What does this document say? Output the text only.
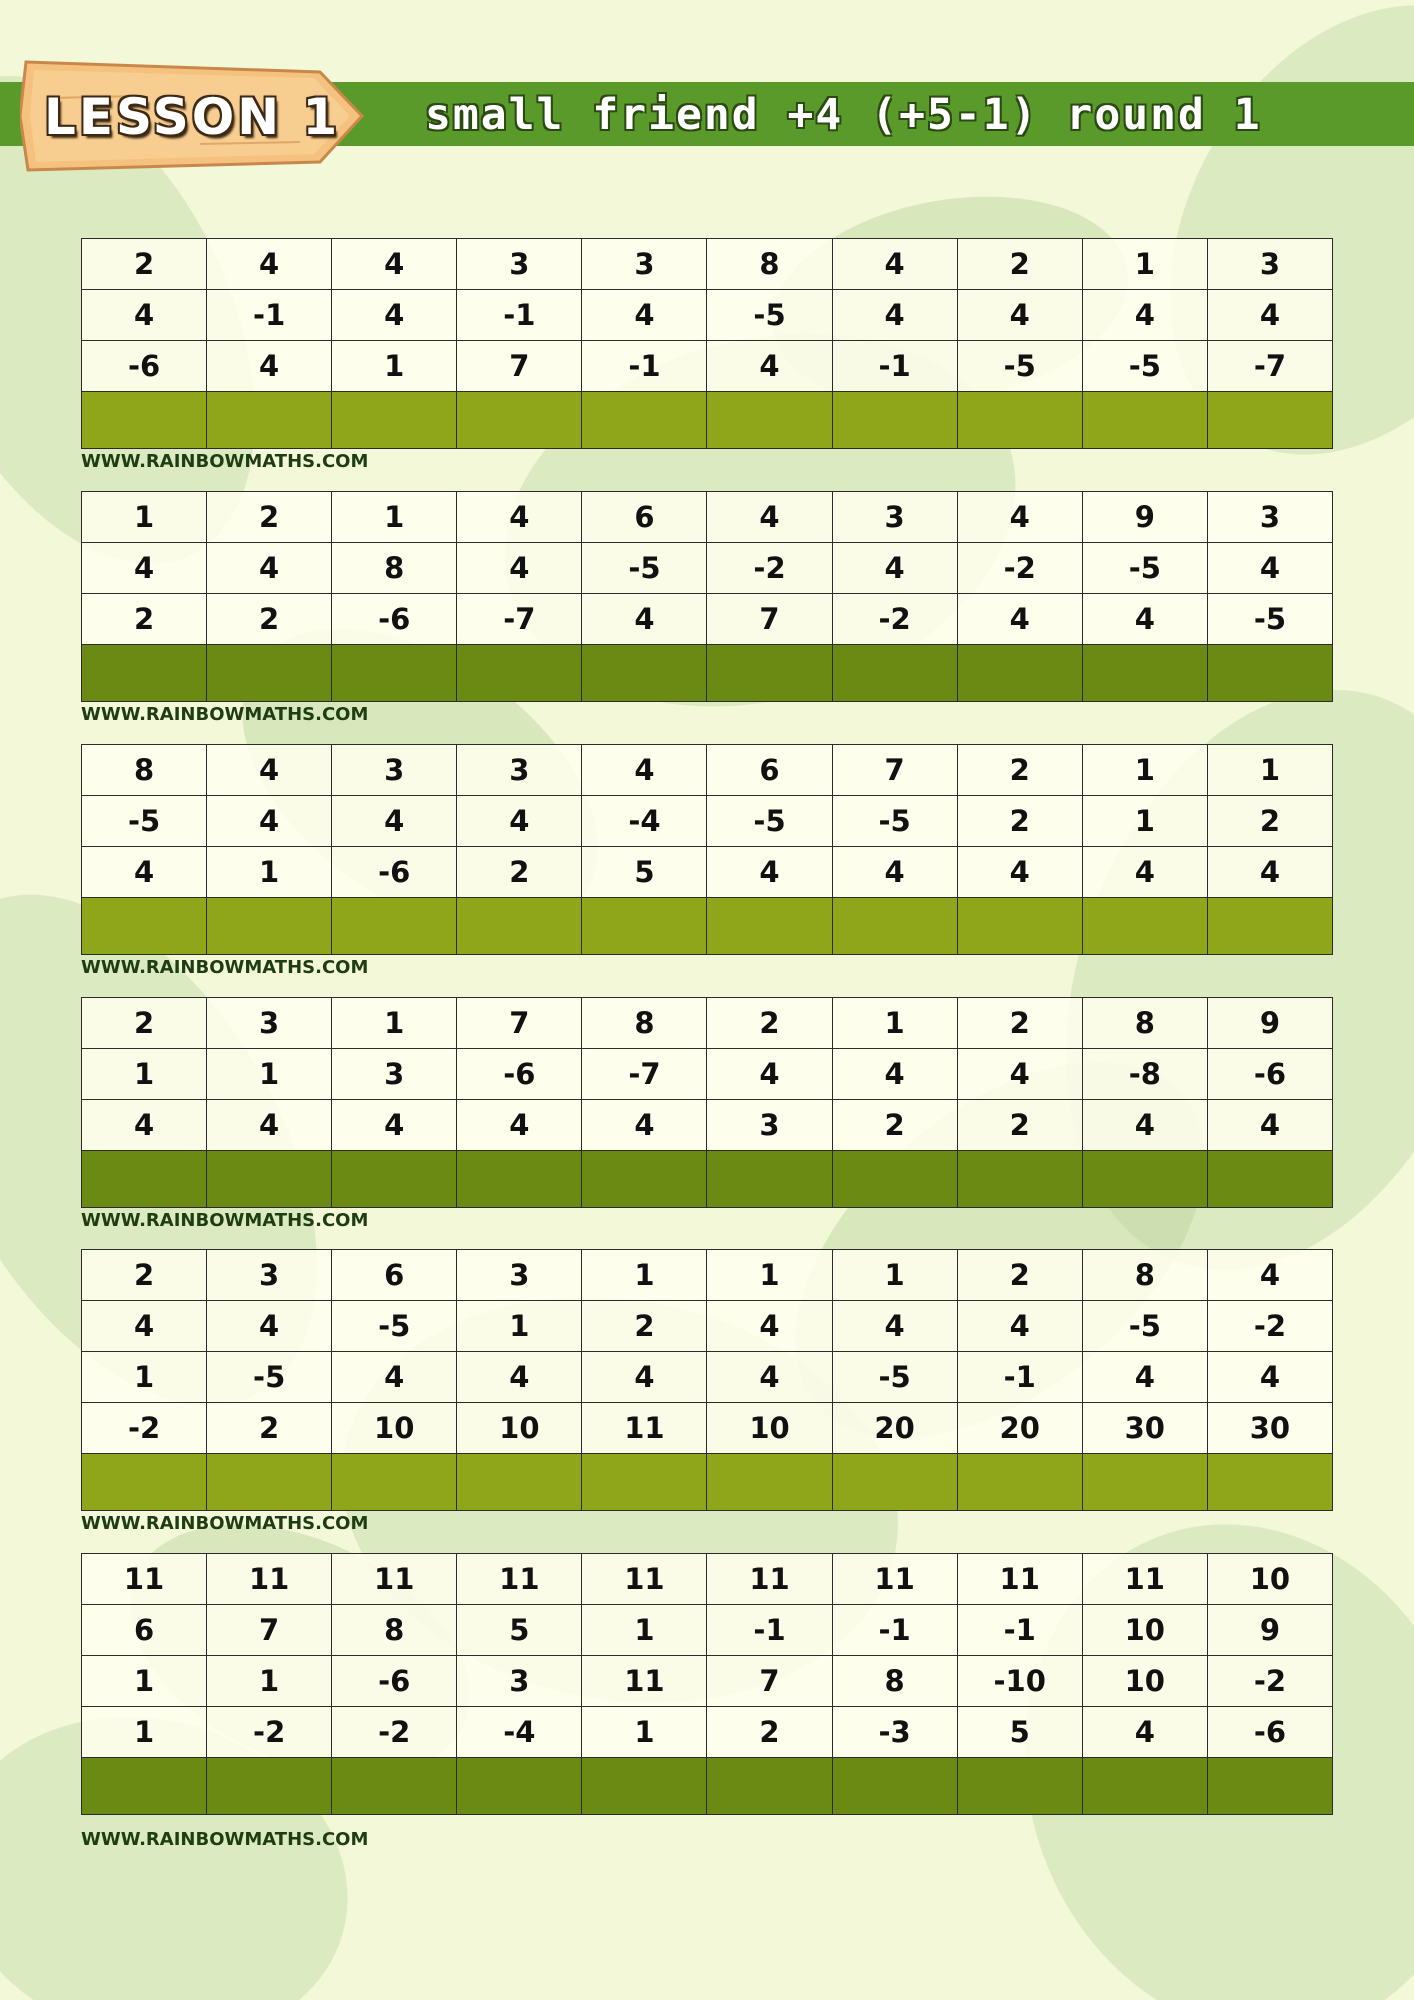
LESSON 1 small friend +4 (+5-1) round 1
2	4	4	3	3	8	4	2	1	3
4	-1	4	-1	4	-5	4	4	4	4
-6	4	1	7	-1	4	-1	-5	-5	-7

WWW.RAINBOWMATHS.COM
1	2	1	4	6	4	3	4	9	3
4	4	8	4	-5	-2	4	-2	-5	4
2	2	-6	-7	4	7	-2	4	4	-5

WWW.RAINBOWMATHS.COM
8	4	3	3	4	6	7	2	1	1
-5	4	4	4	-4	-5	-5	2	1	2
4	1	-6	2	5	4	4	4	4	4

WWW.RAINBOWMATHS.COM
2	3	1	7	8	2	1	2	8	9
1	1	3	-6	-7	4	4	4	-8	-6
4	4	4	4	4	3	2	2	4	4

WWW.RAINBOWMATHS.COM
2	3	6	3	1	1	1	2	8	4
4	4	-5	1	2	4	4	4	-5	-2
1	-5	4	4	4	4	-5	-1	4	4
-2	2	10	10	11	10	20	20	30	30

WWW.RAINBOWMATHS.COM
11	11	11	11	11	11	11	11	11	10
6	7	8	5	1	-1	-1	-1	10	9
1	1	-6	3	11	7	8	-10	10	-2
1	-2	-2	-4	1	2	-3	5	4	-6

WWW.RAINBOWMATHS.COM
